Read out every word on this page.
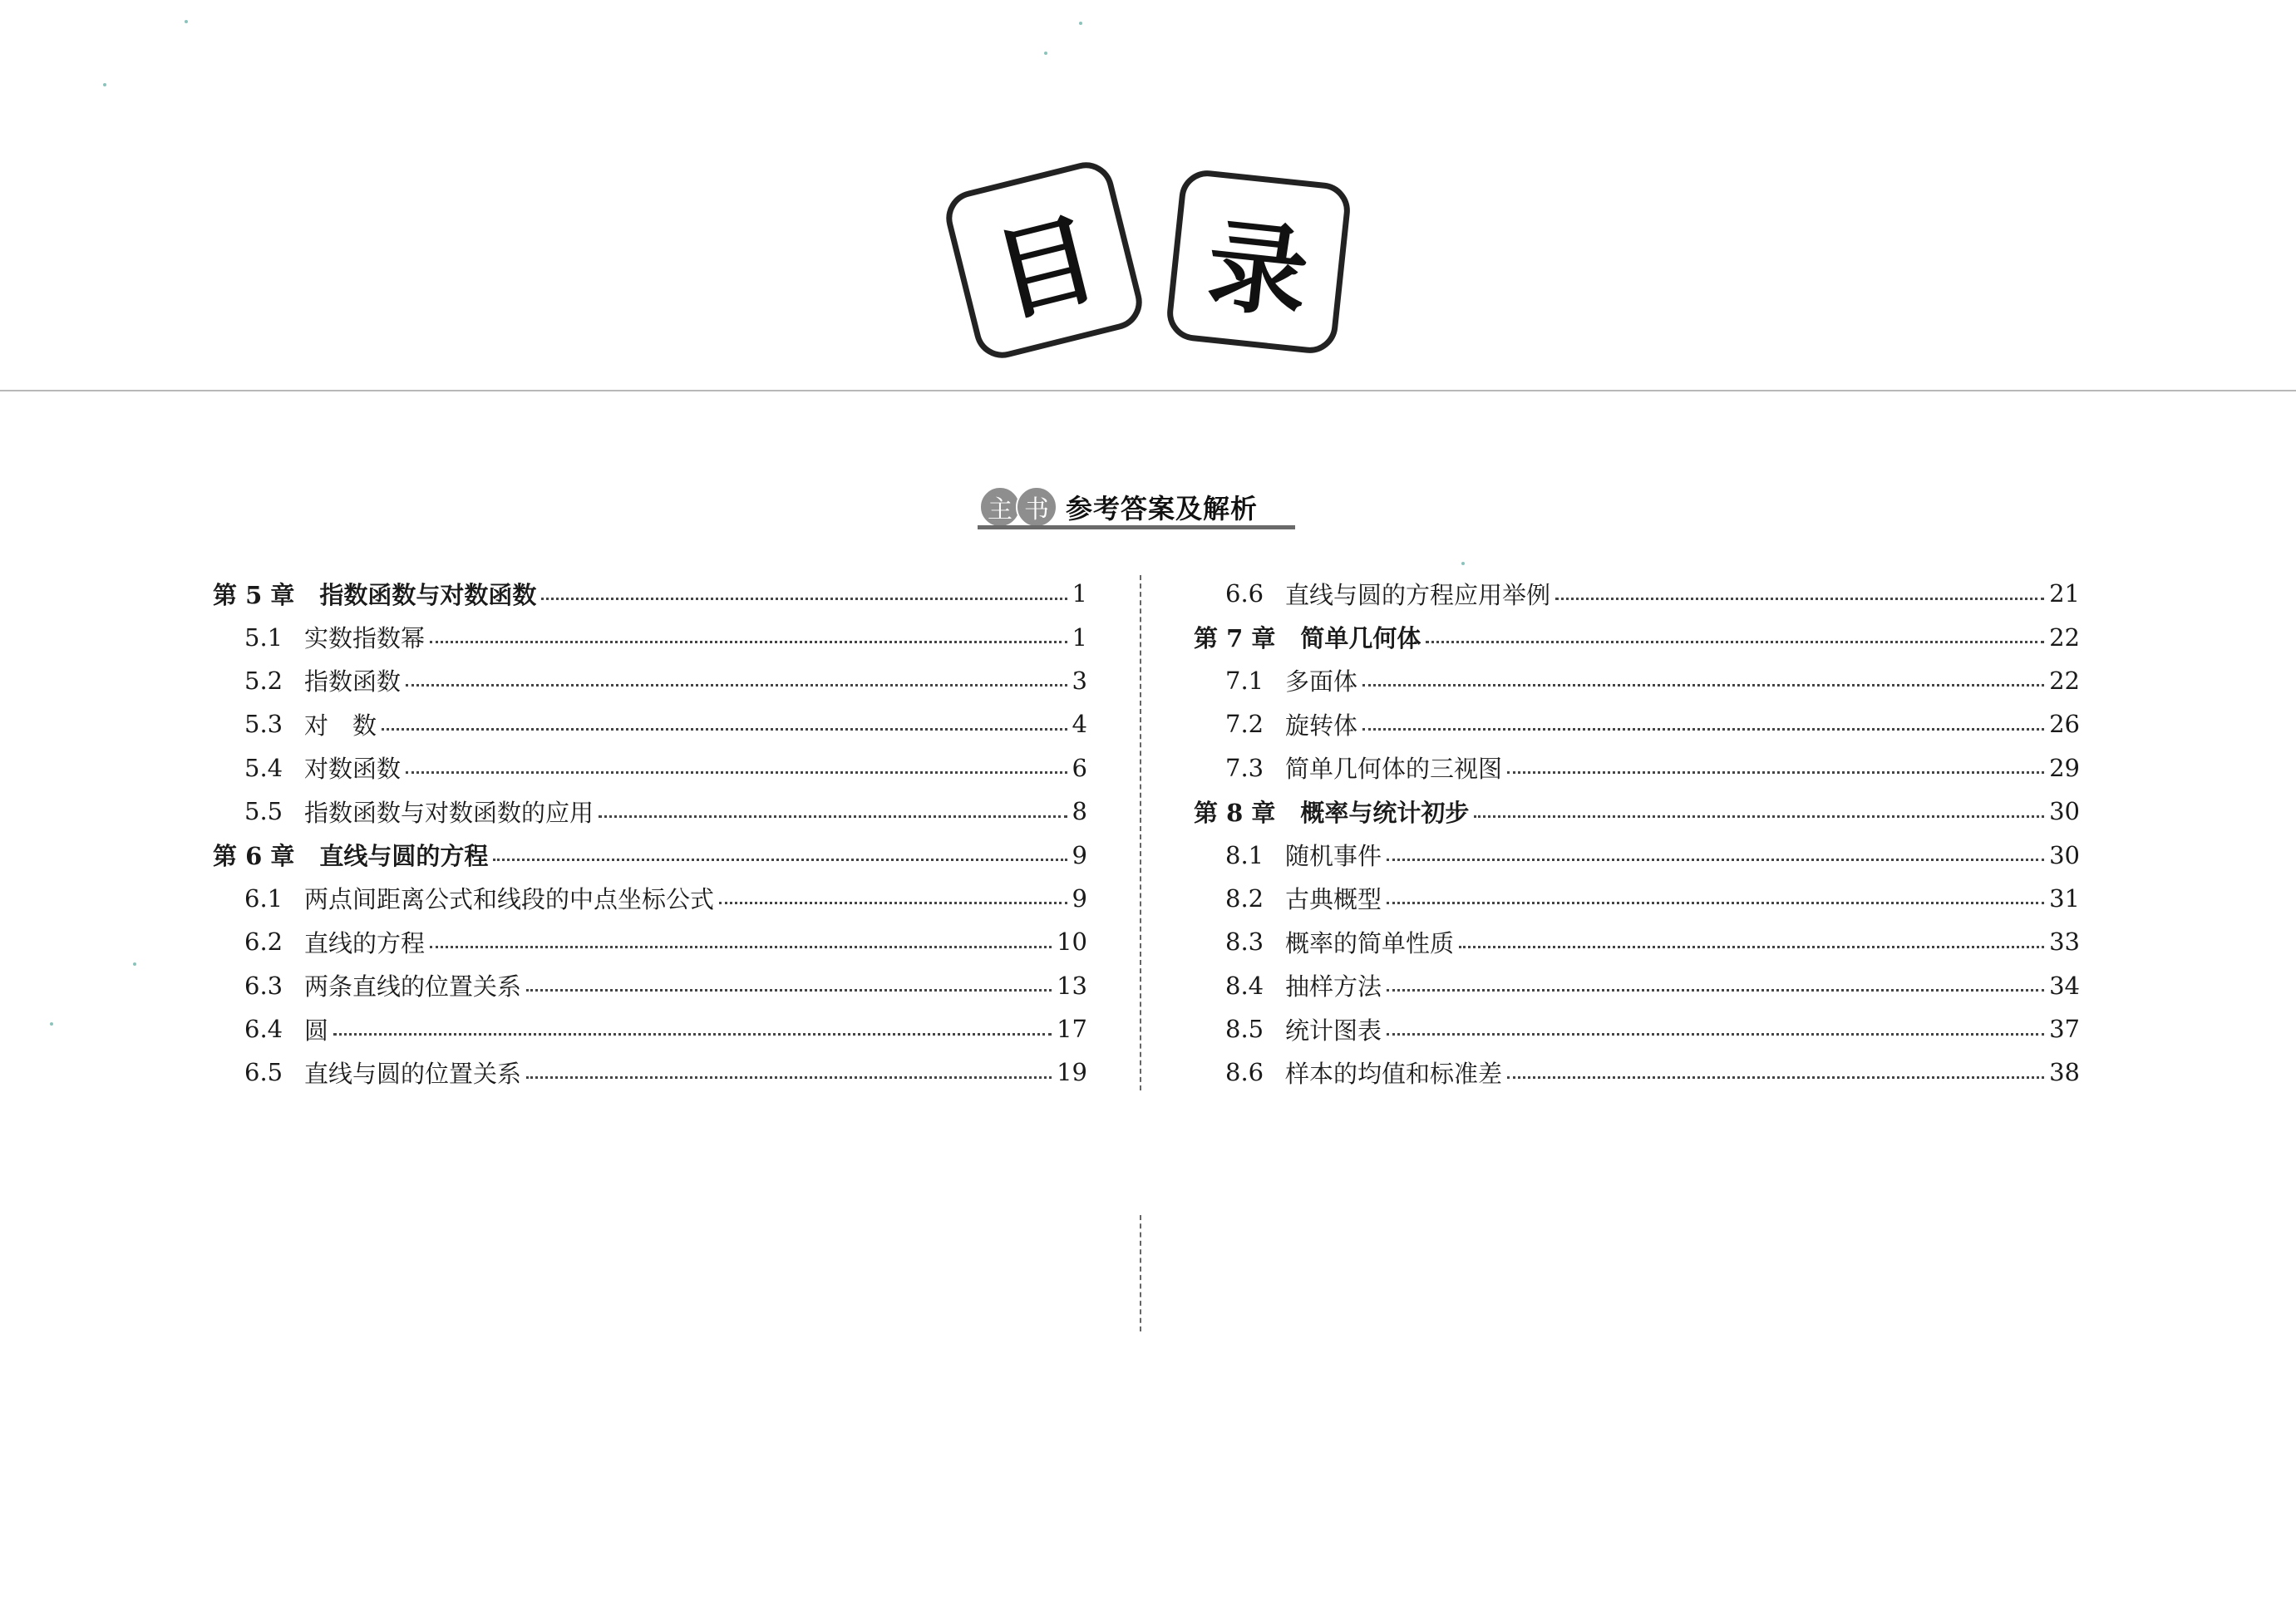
目 录
主 书 参考答案及解析
第 5 章 指数函数与对数函数	1
5.1 实数指数幂	1
5.2 指数函数	3
5.3 对　数	4
5.4 对数函数	6
5.5 指数函数与对数函数的应用	8
第 6 章 直线与圆的方程	9
6.1 两点间距离公式和线段的中点坐标公式	9
6.2 直线的方程	10
6.3 两条直线的位置关系	13
6.4 圆	17
6.5 直线与圆的位置关系	19
6.6 直线与圆的方程应用举例	21
第 7 章 简单几何体	22
7.1 多面体	22
7.2 旋转体	26
7.3 简单几何体的三视图	29
第 8 章 概率与统计初步	30
8.1 随机事件	30
8.2 古典概型	31
8.3 概率的简单性质	33
8.4 抽样方法	34
8.5 统计图表	37
8.6 样本的均值和标准差	38
